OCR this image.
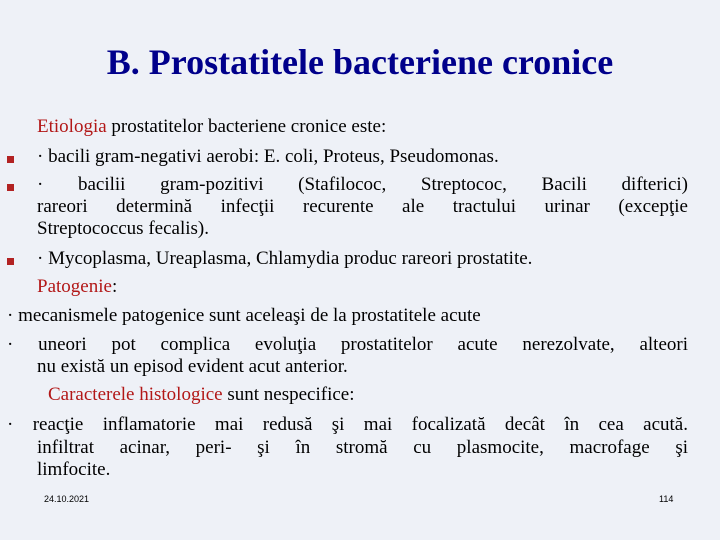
B. Prostatitele bacteriene cronice
Etiologia prostatitelor bacteriene cronice este:
· bacili gram-negativi aerobi: E. coli, Proteus, Pseudomonas.
· bacilii gram-pozitivi (Stafilococ, Streptococ, Bacili difterici)
rareori determină infecţii recurente ale tractului urinar (excepţie
Streptococcus fecalis).
· Mycoplasma, Ureaplasma, Chlamydia produc rareori prostatite.
Patogenie:
· mecanismele patogenice sunt aceleaşi de la prostatitele acute
· uneori pot complica evoluţia prostatitelor acute nerezolvate, alteori
nu există un episod evident acut anterior.
Caracterele histologice sunt nespecifice:
· reacţie inflamatorie mai redusă şi mai focalizată decât în cea acută.
infiltrat acinar, peri- şi în stromă cu plasmocite, macrofage şi
limfocite.
24.10.2021	114
